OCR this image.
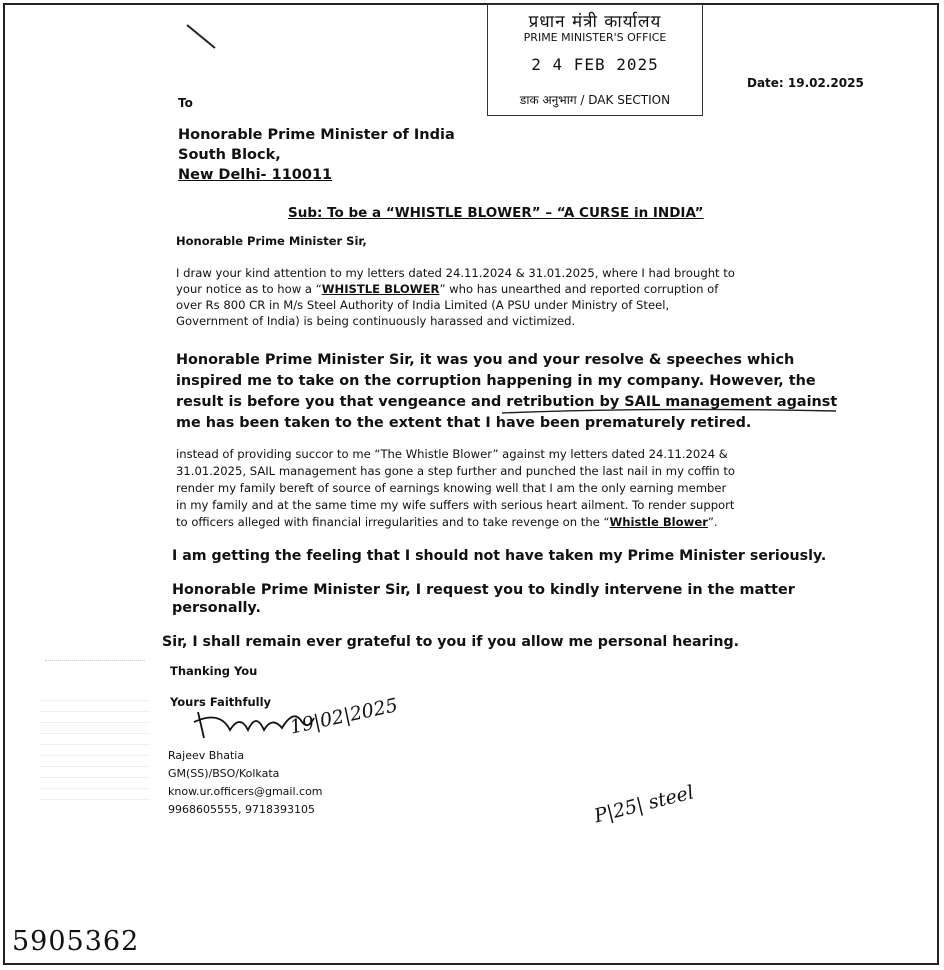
प्रधान मंत्री कार्यालय
PRIME MINISTER'S OFFICE
2 4 FEB 2025
डाक अनुभाग / DAK SECTION
Date: 19.02.2025
To
Honorable Prime Minister of India
South Block,
New Delhi- 110011
Sub: To be a “WHISTLE BLOWER” – “A CURSE in INDIA”
Honorable Prime Minister Sir,
I draw your kind attention to my letters dated 24.11.2024 & 31.01.2025, where I had brought to
your notice as to how a “WHISTLE BLOWER” who has unearthed and reported corruption of
over Rs 800 CR in M/s Steel Authority of India Limited (A PSU under Ministry of Steel,
Government of India) is being continuously harassed and victimized.
Honorable Prime Minister Sir, it was you and your resolve & speeches which
inspired me to take on the corruption happening in my company. However, the
result is before you that vengeance and retribution by SAIL management against
me has been taken to the extent that I have been prematurely retired.
instead of providing succor to me “The Whistle Blower” against my letters dated 24.11.2024 &
31.01.2025, SAIL management has gone a step further and punched the last nail in my coffin to
render my family bereft of source of earnings knowing well that I am the only earning member
in my family and at the same time my wife suffers with serious heart ailment. To render support
to officers alleged with financial irregularities and to take revenge on the “Whistle Blower”.
I am getting the feeling that I should not have taken my Prime Minister seriously.
Honorable Prime Minister Sir, I request you to kindly intervene in the matter
personally.
Sir, I shall remain ever grateful to you if you allow me personal hearing.
Thanking You
Yours Faithfully 19|02|2025
Rajeev Bhatia
GM(SS)/BSO/Kolkata
know.ur.officers@gmail.com
9968605555, 9718393105	P|25| steel
5905362
